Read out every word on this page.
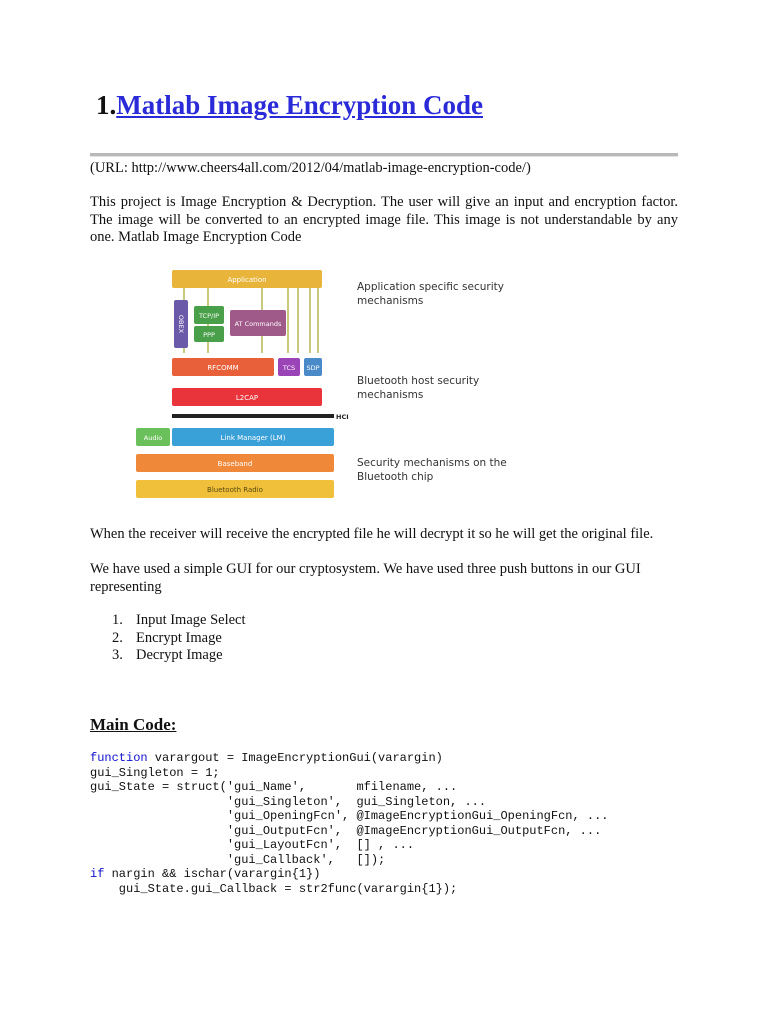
1.Matlab Image Encryption Code
(URL: http://www.cheers4all.com/2012/04/matlab-image-encryption-code/)

This project is Image Encryption & Decryption. The user will give an input and encryption factor. The image will be converted to an encrypted image file. This image is not understandable by any one. Matlab Image Encryption Code

Application
OBEX TCP/IP
PPP
AT Commands
RFCOMM	TCS SDP
L2CAP
HCI
Audio	Link Manager (LM)
Baseband
Bluetooth Radio
Application specific security
mechanisms
Bluetooth host security
mechanisms
Security mechanisms on the
Bluetooth chip

When the receiver will receive the encrypted file he will decrypt it so he will get the original file.

We have used a simple GUI for our cryptosystem. We have used three push buttons in our GUI representing

1. Input Image Select
2. Encrypt Image
3. Decrypt Image
Main Code:
function varargout = ImageEncryptionGui(varargin)
gui_Singleton = 1;
gui_State = struct('gui_Name',       mfilename, ...
'gui_Singleton',  gui_Singleton, ...
'gui_OpeningFcn', @ImageEncryptionGui_OpeningFcn, ...
'gui_OutputFcn',  @ImageEncryptionGui_OutputFcn, ...
'gui_LayoutFcn',  [] , ...
'gui_Callback',   []);
if nargin && ischar(varargin{1})
gui_State.gui_Callback = str2func(varargin{1});
